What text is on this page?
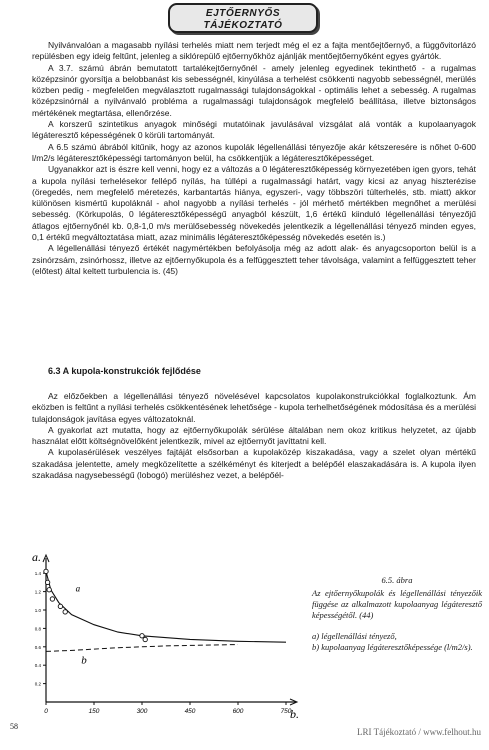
EJTŐERNYŐS
TÁJÉKOZTATÓ

Nyilvánvalóan a magasabb nyílási terhelés miatt nem terjedt még el ez a fajta mentőejtőernyő, a függővitorlázó repülésben egy ideig feltűnt, jelenleg a siklórepülő ejtőernyőkhöz ajánlják mentőejtőernyőként egyes gyártók.

A 3.7. számú ábrán bemutatott tartalékejtőernyőnél - amely jelenleg egyedinek tekinthető - a rugalmas középzsinór gyorsítja a belobbanást kis sebességnél, kinyúlása a terhelést csökkenti nagyobb sebességnél, merülés közben pedig - megfelelően megválasztott rugalmassági tulajdonságokkal - optimális lehet a sebesség. A rugalmas középzsinórnál a nyilvánvaló probléma a rugalmassági tulajdonságok megfelelő beállítása, illetve biztonságos mértékének megtartása, ellenőrzése.

A korszerű szintetikus anyagok minőségi mutatóinak javulásával vizsgálat alá vonták a kupolaanyagok légáteresztő képességének 0 körüli tartományát.

A 6.5 számú ábrából kitűnik, hogy az azonos kupolák légellenállási tényezője akár kétszeresére is nőhet 0-600 l/m2/s légáteresztőképességi tartományon belül, ha csökkentjük a légáteresztőképességet.

Ugyanakkor azt is észre kell venni, hogy ez a változás a 0 légáteresztőképesség környezetében igen gyors, tehát a kupola nyílási terhelésekor fellépő nyílás, ha túllépi a rugalmassági határt, vagy kicsi az anyag hiszterézise (öregedés, nem megfelelő méretezés, karbantartás hiánya, egyszeri-, vagy többszöri túlterhelés, stb. miatt) akkor különösen kismértű kupoláknál - ahol nagyobb a nyílási terhelés - jól mérhető mértékben megnőhet a merülési sebesség. (Körkupolás, 0 légáteresztőképességű anyagból készült, 1,6 értékű kiinduló légellenállási tényezőjű átlagos ejtőernyőnél kb. 0,8-1,0 m/s merülősebesség növekedés jelentkezik a légellenállási tényező minden egyes, 0,1 értékű megváltoztatása miatt, azaz minimális légáteresztőképesség növekedés esetén is.)

A légellenállási tényező értékét nagymértékben befolyásolja még az adott alak- és anyagcsoporton belül is a zsinórzsám, zsinórhossz, illetve az ejtőernyőkupola és a felfüggesztett teher távolsága, valamint a felfüggesztett teher (előtest) által keltett turbulencia is. (45)

6.3 A kupola-konstrukciók fejlődése

Az előzőekben a légellenállási tényező növelésével kapcsolatos kupolakonstrukciókkal foglalkoztunk. Ám eközben is feltűnt a nyílási terhelés csökkentésének lehetősége - kupola terhelhetőségének módosítása és a merülési tulajdonságok javítása egyes változatoknál.

A gyakorlat azt mutatta, hogy az ejtőernyőkupolák sérülése általában nem okoz kritikus helyzetet, az újabb használat előtt költségnövelőként jelentkezik, mivel az ejtőernyőt javíttatni kell.

A kupolasérülések veszélyes fajtáját elsősorban a kupolaközép kiszakadása, vagy a szelet olyan mértékű szakadása jelentette, amely megközelítette a szélkéményt és kiterjedt a belépőél elaszakadására is. A kupola ilyen szakadása nagysebességű (lobogó) merüléshez vezet, a belépőél-

a.
b.
1.4
1.2
1.0
0.8
0.6
0.4
0.2
0	150	300	450	600	750
a
b
6.5. ábra
Az ejtőernyőkupolák és légellenállási tényezőik függése az alkalmazott kupolaanyag légáteresztő képességétől. (44)

a) légellenállási tényező,

b) kupolaanyag légáteresztőképessége (l/m2/s).

58
LRI Tájékoztató / www.felhout.hu
